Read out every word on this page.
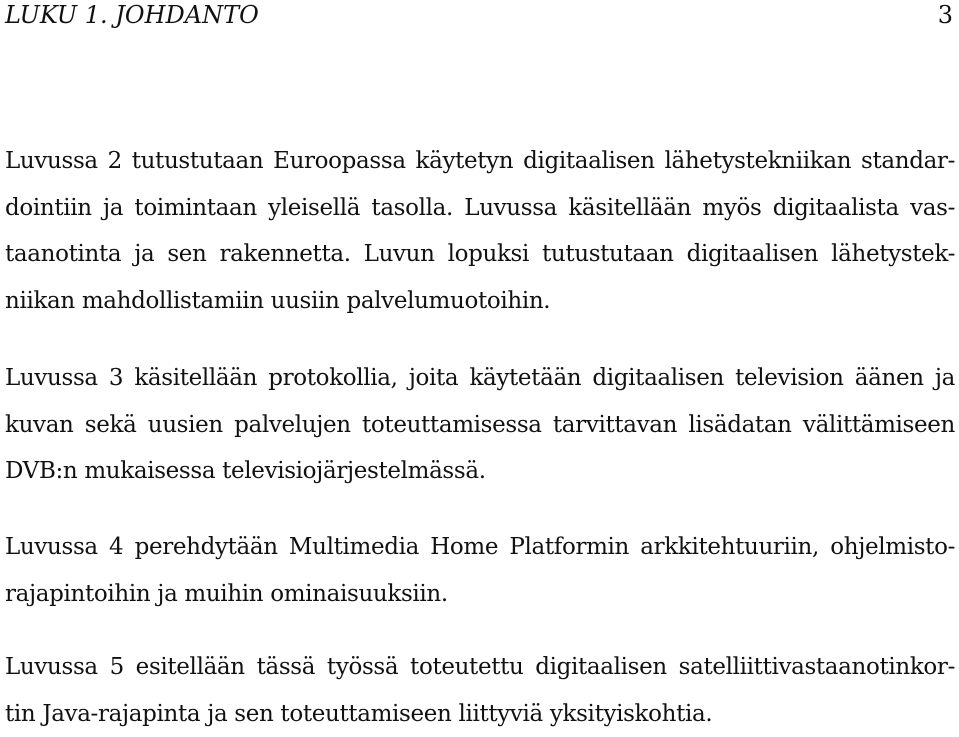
LUKU 1. JOHDANTO	3
Luvussa 2 tutustutaan Euroopassa käytetyn digitaalisen lähetystekniikan standar-
dointiin ja toimintaan yleisellä tasolla. Luvussa käsitellään myös digitaalista vas-
taanotinta ja sen rakennetta. Luvun lopuksi tutustutaan digitaalisen lähetystek-
niikan mahdollistamiin uusiin palvelumuotoihin.
Luvussa 3 käsitellään protokollia, joita käytetään digitaalisen television äänen ja
kuvan sekä uusien palvelujen toteuttamisessa tarvittavan lisädatan välittämiseen
DVB:n mukaisessa televisiojärjestelmässä.
Luvussa 4 perehdytään Multimedia Home Platformin arkkitehtuuriin, ohjelmisto-
rajapintoihin ja muihin ominaisuuksiin.
Luvussa 5 esitellään tässä työssä toteutettu digitaalisen satelliittivastaanotinkor-
tin Java-rajapinta ja sen toteuttamiseen liittyviä yksityiskohtia.
